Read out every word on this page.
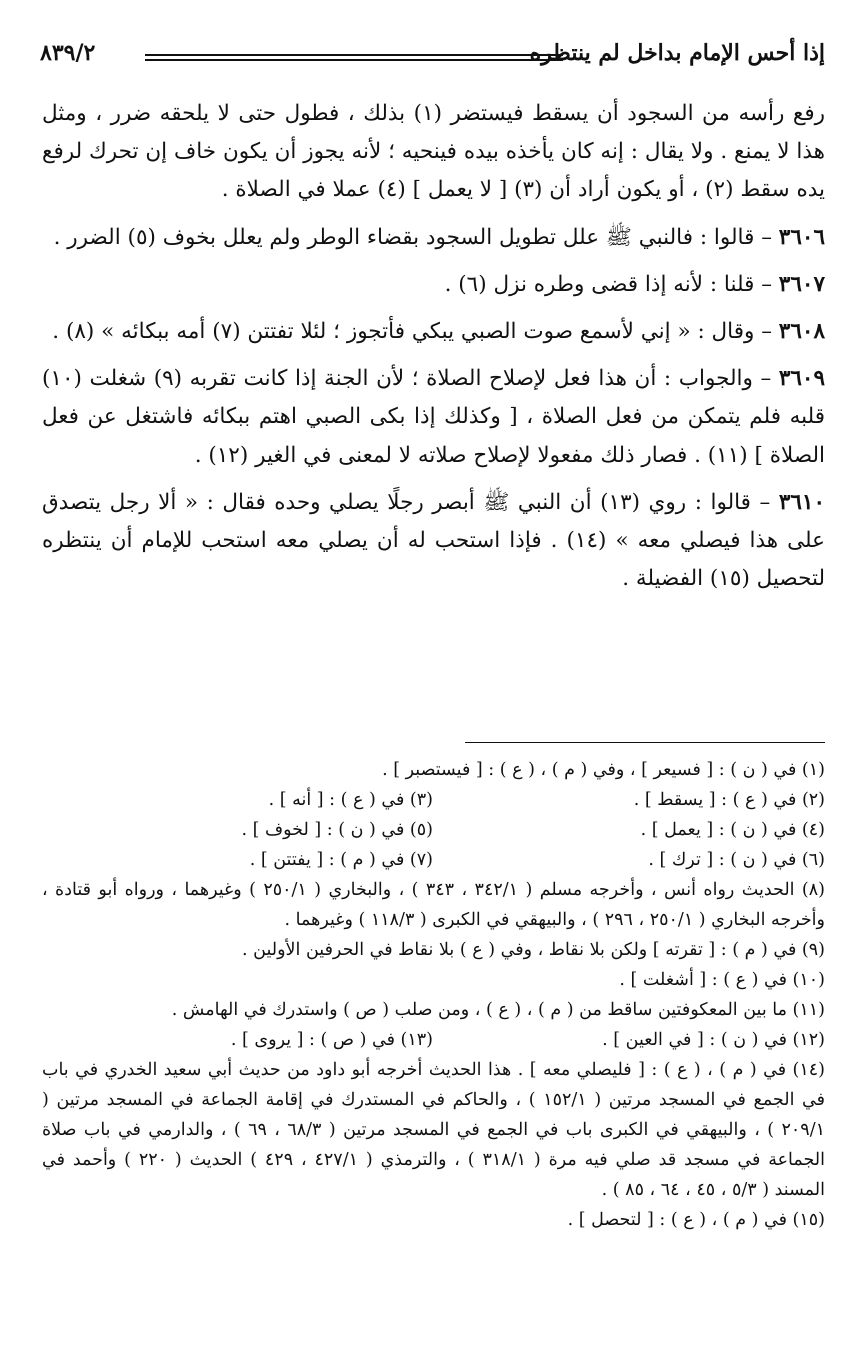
إذا أحس الإمام بداخل لم ينتظره
٨٣٩/٢

رفع رأسه من السجود أن يسقط فيستضر (١) بذلك ، فطول حتى لا يلحقه ضرر ، ومثل هذا لا يمنع . ولا يقال : إنه كان يأخذه بيده فينحيه ؛ لأنه يجوز أن يكون خاف إن تحرك لرفع يده سقط (٢) ، أو يكون أراد أن (٣) [ لا يعمل ] (٤) عملا في الصلاة .

٣٦٠٦ – قالوا : فالنبي ﷺ علل تطويل السجود بقضاء الوطر ولم يعلل بخوف (٥) الضرر .

٣٦٠٧ – قلنا : لأنه إذا قضى وطره نزل (٦) .

٣٦٠٨ – وقال : « إني لأسمع صوت الصبي يبكي فأتجوز ؛ لئلا تفتتن (٧) أمه ببكائه » (٨) .

٣٦٠٩ – والجواب : أن هذا فعل لإصلاح الصلاة ؛ لأن الجنة إذا كانت تقربه (٩) شغلت (١٠) قلبه فلم يتمكن من فعل الصلاة ، [ وكذلك إذا بكى الصبي اهتم ببكائه فاشتغل عن فعل الصلاة ] (١١) . فصار ذلك مفعولا لإصلاح صلاته لا لمعنى في الغير (١٢) .

٣٦١٠ – قالوا : روي (١٣) أن النبي ﷺ أبصر رجلًا يصلي وحده فقال : « ألا رجل يتصدق على هذا فيصلي معه » (١٤) . فإذا استحب له أن يصلي معه استحب للإمام أن ينتظره لتحصيل (١٥) الفضيلة .

(١) في ( ن ) : [ فسيعر ] ، وفي ( م ) ، ( ع ) : [ فيستصبر ] .
(٢) في ( ع ) : [ يسقط ] .
(٣) في ( ع ) : [ أنه ] .
(٤) في ( ن ) : [ يعمل ] .
(٥) في ( ن ) : [ لخوف ] .
(٦) في ( ن ) : [ ترك ] .
(٧) في ( م ) : [ يفتتن ] .
(٨) الحديث رواه أنس ، وأخرجه مسلم ( ٣٤٢/١ ، ٣٤٣ ) ، والبخاري ( ٢٥٠/١ ) وغيرهما ، ورواه أبو قتادة ، وأخرجه البخاري ( ٢٥٠/١ ، ٢٩٦ ) ، والبيهقي في الكبرى ( ١١٨/٣ ) وغيرهما .
(٩) في ( م ) : [ تقرته ] ولكن بلا نقاط ، وفي ( ع ) بلا نقاط في الحرفين الأولين .
(١٠) في ( ع ) : [ أشغلت ] .
(١١) ما بين المعكوفتين ساقط من ( م ) ، ( ع ) ، ومن صلب ( ص ) واستدرك في الهامش .
(١٢) في ( ن ) : [ في العين ] .
(١٣) في ( ص ) : [ يروى ] .
(١٤) في ( م ) ، ( ع ) : [ فليصلي معه ] . هذا الحديث أخرجه أبو داود من حديث أبي سعيد الخدري في باب في الجمع في المسجد مرتين ( ١٥٢/١ ) ، والحاكم في المستدرك في إقامة الجماعة في المسجد مرتين ( ٢٠٩/١ ) ، والبيهقي في الكبرى باب في الجمع في المسجد مرتين ( ٦٨/٣ ، ٦٩ ) ، والدارمي في باب صلاة الجماعة في مسجد قد صلي فيه مرة ( ٣١٨/١ ) ، والترمذي ( ٤٢٧/١ ، ٤٢٩ ) الحديث ( ٢٢٠ ) وأحمد في المسند ( ٥/٣ ، ٤٥ ، ٦٤ ، ٨٥ ) .
(١٥) في ( م ) ، ( ع ) : [ لتحصل ] .
